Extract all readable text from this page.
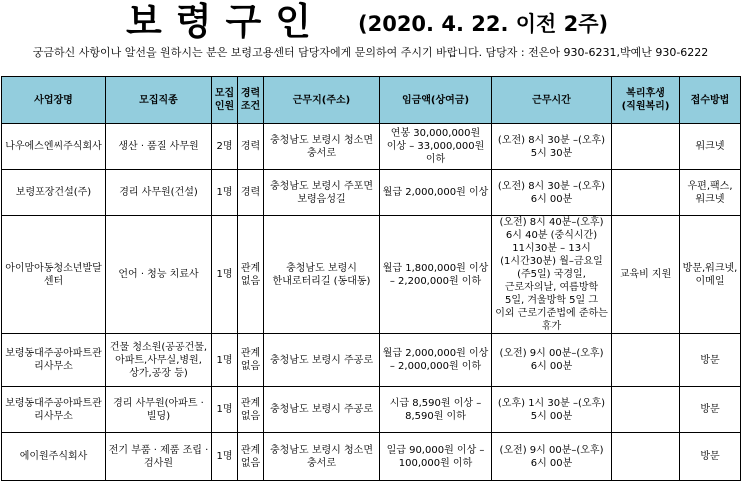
보령구인 (2020. 4. 22. 이전 2주)
궁금하신 사항이나 알선을 원하시는 분은 보령고용센터 담당자에게 문의하여 주시기 바랍니다. 담당자 : 전은아 930-6231,박예난 930-6222
사업장명	모집직종	모집인원	경력조건	근무지(주소)	임금액(상여금)	근무시간	복리후생(직원복리)	접수방법
나우에스엔씨주식회사	생산 · 품질 사무원	2명	경력	충청남도 보령시 청소면 충서로	연봉 30,000,000원 이상 – 33,000,000원 이하	(오전) 8시 30분 –(오후) 5시 30분		워크넷
보령포장건설(주)	경리 사무원(건설)	1명	경력	충청남도 보령시 주포면 보령음성길	월급 2,000,000원 이상	(오전) 8시 30분 –(오후) 6시 00분		우편,팩스,워크넷
아이맘아동청소년발달센터	언어 · 청능 치료사	1명	관계없음	충청남도 보령시 한내로터리길 (동대동)	월급 1,800,000원 이상 – 2,200,000원 이하	(오전) 8시 40분–(오후) 6시 40분 (중식시간) 11시30분 – 13시(1시간30분) 월–금요일(주5일) 국경일, 근로자의날, 여름방학 5일, 겨울방학 5일 그 이외 근로기준법에 준하는 휴가	교육비 지원	방문,워크넷,이메일
보령동대주공아파트관리사무소	건물 청소원(공공건물,아파트,사무실,병원,상가,공장 등)	1명	관계없음	충청남도 보령시 주공로	월급 2,000,000원 이상 – 2,000,000원 이하	(오전) 9시 00분–(오후) 6시 00분		방문
보령동대주공아파트관리사무소	경리 사무원(아파트 · 빌딩)	1명	관계없음	충청남도 보령시 주공로	시급 8,590원 이상 – 8,590원 이하	(오후) 1시 30분 –(오후) 5시 00분		방문
에이원주식회사	전기 부품 · 제품 조립 · 검사원	1명	관계없음	충청남도 보령시 청소면 충서로	일급 90,000원 이상 – 100,000원 이하	(오전) 9시 00분–(오후) 6시 00분		방문
